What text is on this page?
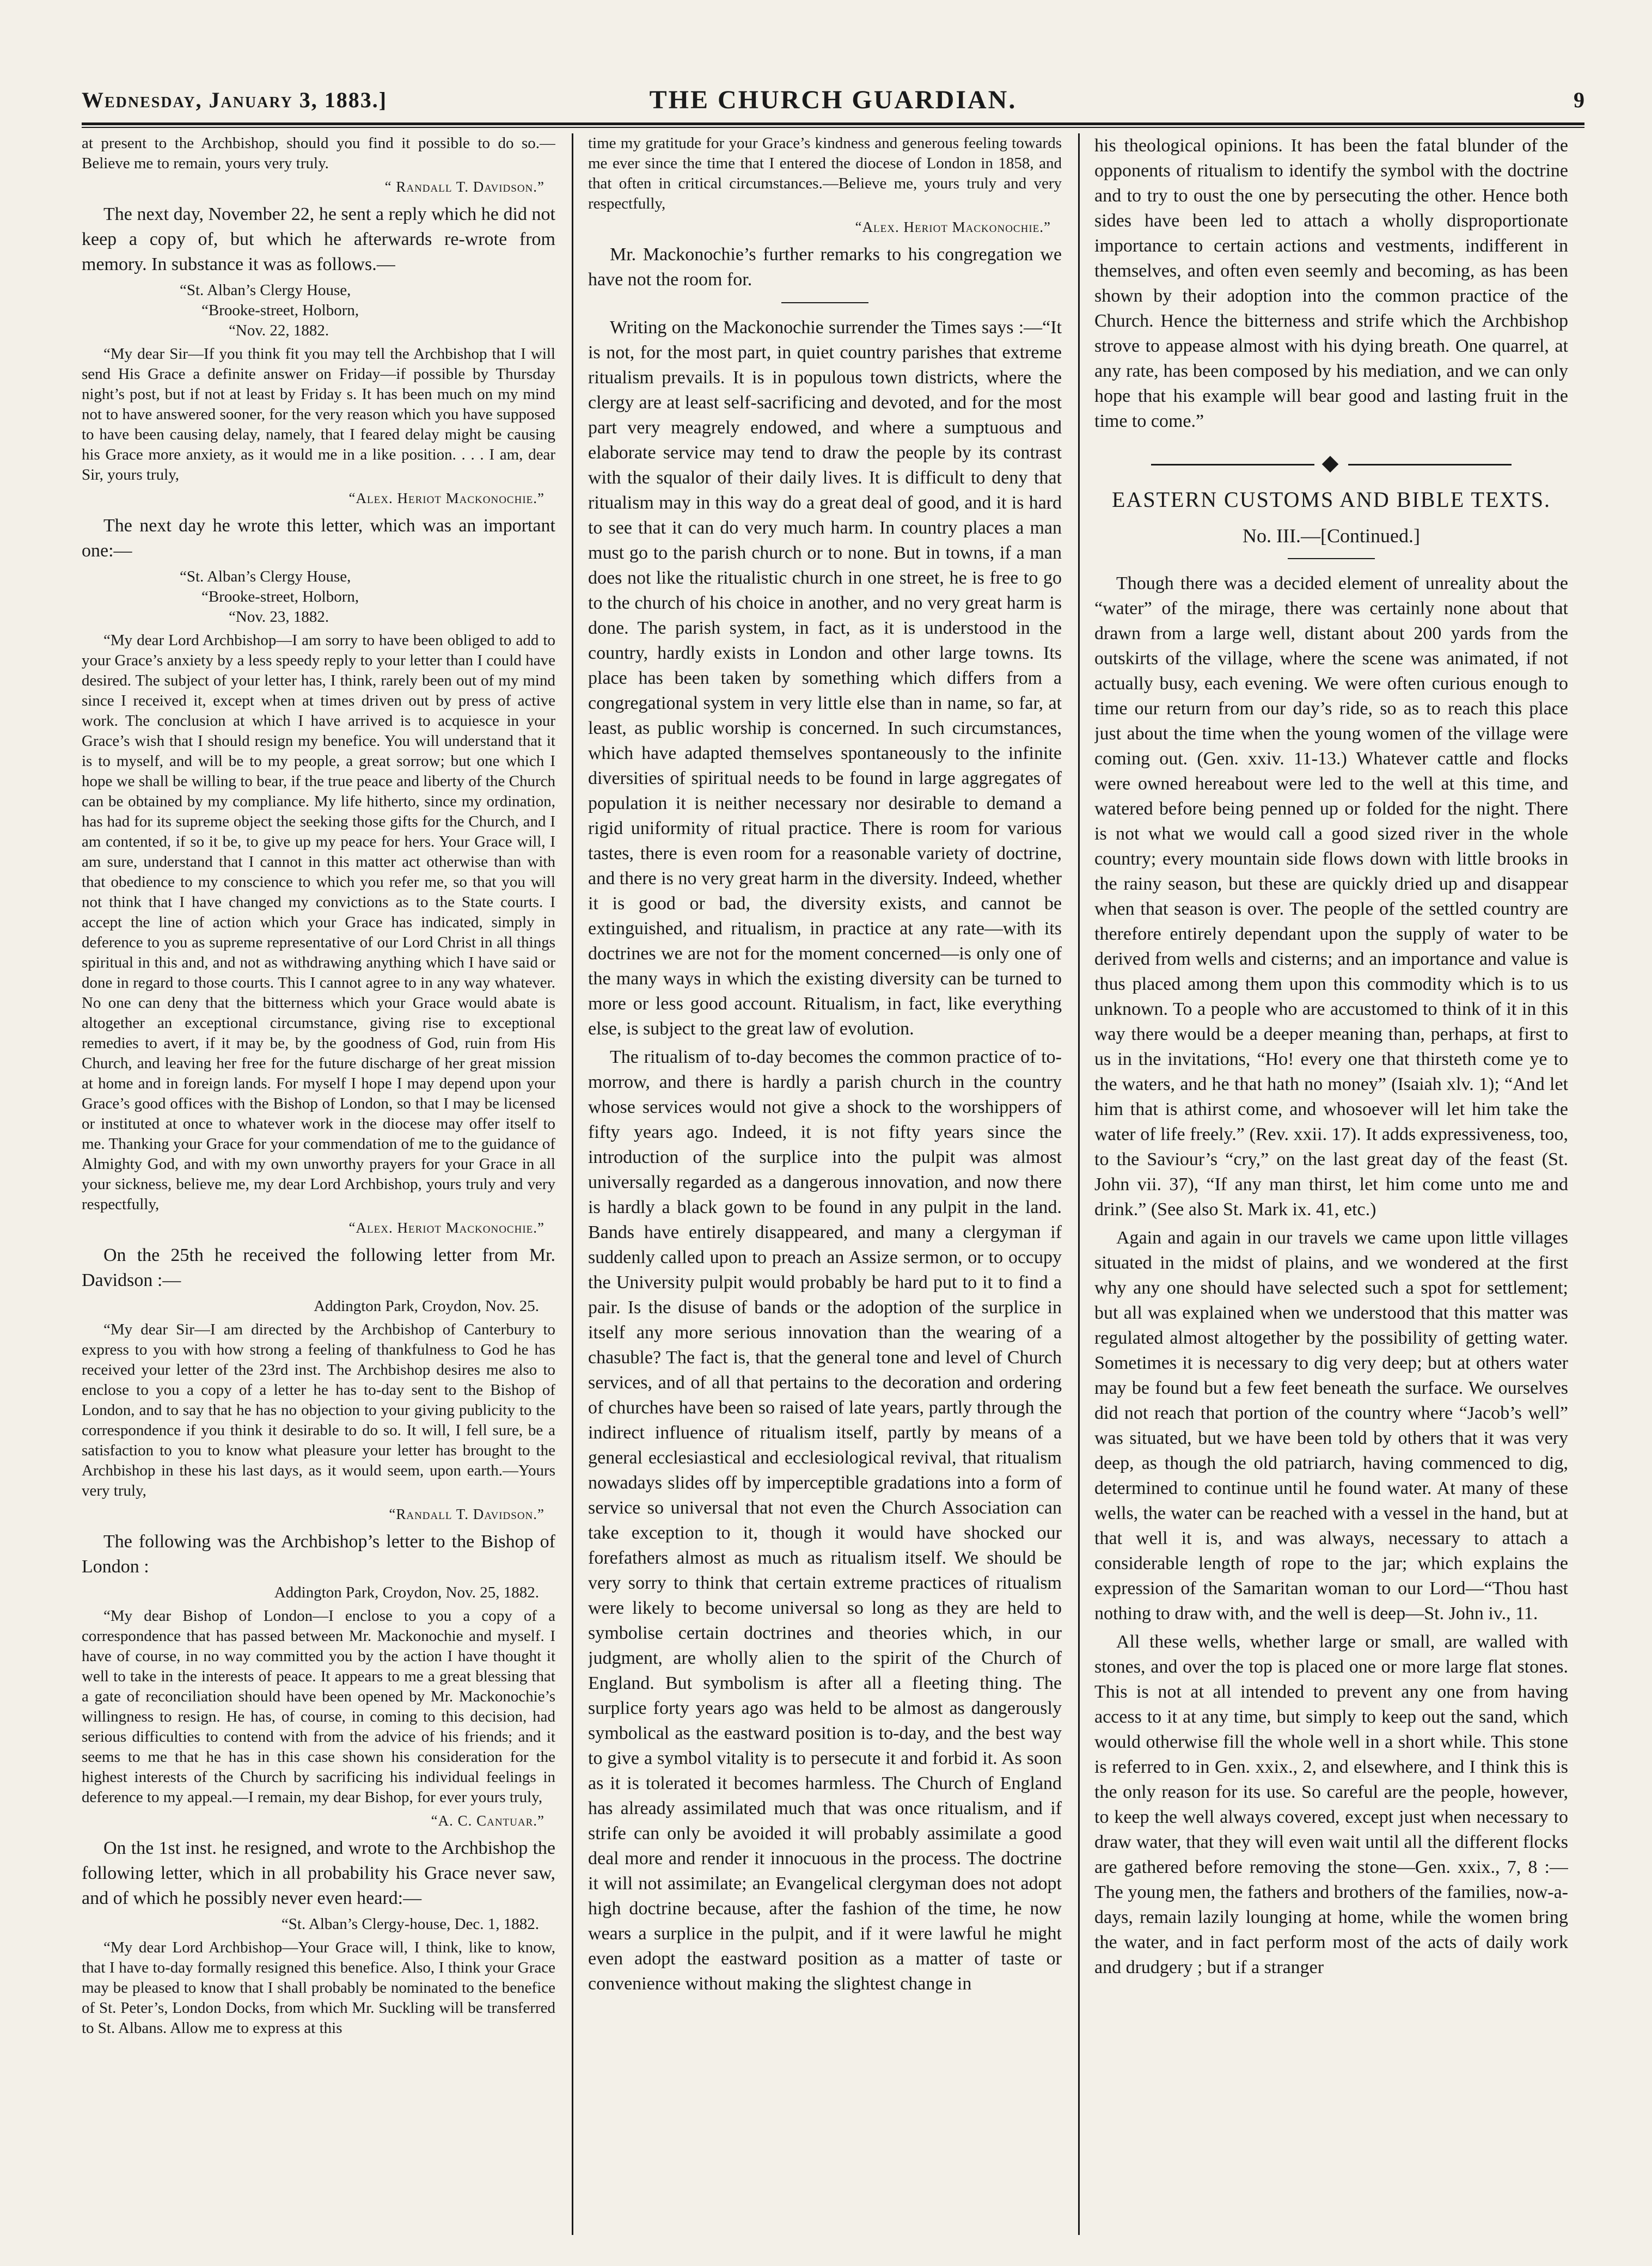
Wednesday, January 3, 1883.]	THE CHURCH GUARDIAN.	9

at present to the Archbishop, should you find it possible to do so.—Believe me to remain, yours very truly.

“ Randall T. Davidson.”

The next day, November 22, he sent a reply which he did not keep a copy of, but which he afterwards re-wrote from memory. In substance it was as follows.—

“St. Alban’s Clergy House,
“Brooke-street, Holborn,
“Nov. 22, 1882.

“My dear Sir—If you think fit you may tell the Archbishop that I will send His Grace a definite answer on Friday—if possible by Thursday night’s post, but if not at least by Friday s. It has been much on my mind not to have answered sooner, for the very reason which you have supposed to have been causing delay, namely, that I feared delay might be causing his Grace more anxiety, as it would me in a like position. . . . I am, dear Sir, yours truly,

“Alex. Heriot Mackonochie.”

The next day he wrote this letter, which was an important one:—

“St. Alban’s Clergy House,
“Brooke-street, Holborn,
“Nov. 23, 1882.

“My dear Lord Archbishop—I am sorry to have been obliged to add to your Grace’s anxiety by a less speedy reply to your letter than I could have desired. The subject of your letter has, I think, rarely been out of my mind since I received it, except when at times driven out by press of active work. The conclusion at which I have arrived is to acquiesce in your Grace’s wish that I should resign my benefice. You will understand that it is to myself, and will be to my people, a great sorrow; but one which I hope we shall be willing to bear, if the true peace and liberty of the Church can be obtained by my compliance. My life hitherto, since my ordination, has had for its supreme object the seeking those gifts for the Church, and I am contented, if so it be, to give up my peace for hers. Your Grace will, I am sure, understand that I cannot in this matter act otherwise than with that obedience to my conscience to which you refer me, so that you will not think that I have changed my convictions as to the State courts. I accept the line of action which your Grace has indicated, simply in deference to you as supreme representative of our Lord Christ in all things spiritual in this and, and not as withdrawing anything which I have said or done in regard to those courts. This I cannot agree to in any way whatever. No one can deny that the bitterness which your Grace would abate is altogether an exceptional circumstance, giving rise to exceptional remedies to avert, if it may be, by the goodness of God, ruin from His Church, and leaving her free for the future discharge of her great mission at home and in foreign lands. For myself I hope I may depend upon your Grace’s good offices with the Bishop of London, so that I may be licensed or instituted at once to whatever work in the diocese may offer itself to me. Thanking your Grace for your commendation of me to the guidance of Almighty God, and with my own unworthy prayers for your Grace in all your sickness, believe me, my dear Lord Archbishop, yours truly and very respectfully,

“Alex. Heriot Mackonochie.”

On the 25th he received the following letter from Mr. Davidson :—

Addington Park, Croydon, Nov. 25.

“My dear Sir—I am directed by the Archbishop of Canterbury to express to you with how strong a feeling of thankfulness to God he has received your letter of the 23rd inst. The Archbishop desires me also to enclose to you a copy of a letter he has to-day sent to the Bishop of London, and to say that he has no objection to your giving publicity to the correspondence if you think it desirable to do so. It will, I fell sure, be a satisfaction to you to know what pleasure your letter has brought to the Archbishop in these his last days, as it would seem, upon earth.—Yours very truly,

“Randall T. Davidson.”

The following was the Archbishop’s letter to the Bishop of London :

Addington Park, Croydon, Nov. 25, 1882.

“My dear Bishop of London—I enclose to you a copy of a correspondence that has passed between Mr. Mackonochie and myself. I have of course, in no way committed you by the action I have thought it well to take in the interests of peace. It appears to me a great blessing that a gate of reconciliation should have been opened by Mr. Mackonochie’s willingness to resign. He has, of course, in coming to this decision, had serious difficulties to contend with from the advice of his friends; and it seems to me that he has in this case shown his consideration for the highest interests of the Church by sacrificing his individual feelings in deference to my appeal.—I remain, my dear Bishop, for ever yours truly,

“A. C. Cantuar.”

On the 1st inst. he resigned, and wrote to the Archbishop the following letter, which in all probability his Grace never saw, and of which he possibly never even heard:—

“St. Alban’s Clergy-house, Dec. 1, 1882.

“My dear Lord Archbishop—Your Grace will, I think, like to know, that I have to-day formally resigned this benefice. Also, I think your Grace may be pleased to know that I shall probably be nominated to the benefice of St. Peter’s, London Docks, from which Mr. Suckling will be transferred to St. Albans. Allow me to express at this

time my gratitude for your Grace’s kindness and generous feeling towards me ever since the time that I entered the diocese of London in 1858, and that often in critical circumstances.—Believe me, yours truly and very respectfully,

“Alex. Heriot Mackonochie.”

Mr. Mackonochie’s further remarks to his congregation we have not the room for.

Writing on the Mackonochie surrender the Times says :—“It is not, for the most part, in quiet country parishes that extreme ritualism prevails. It is in populous town districts, where the clergy are at least self-sacrificing and devoted, and for the most part very meagrely endowed, and where a sumptuous and elaborate service may tend to draw the people by its contrast with the squalor of their daily lives. It is difficult to deny that ritualism may in this way do a great deal of good, and it is hard to see that it can do very much harm. In country places a man must go to the parish church or to none. But in towns, if a man does not like the ritualistic church in one street, he is free to go to the church of his choice in another, and no very great harm is done. The parish system, in fact, as it is understood in the country, hardly exists in London and other large towns. Its place has been taken by something which differs from a congregational system in very little else than in name, so far, at least, as public worship is concerned. In such circumstances, which have adapted themselves spontaneously to the infinite diversities of spiritual needs to be found in large aggregates of population it is neither necessary nor desirable to demand a rigid uniformity of ritual practice. There is room for various tastes, there is even room for a reasonable variety of doctrine, and there is no very great harm in the diversity. Indeed, whether it is good or bad, the diversity exists, and cannot be extinguished, and ritualism, in practice at any rate—with its doctrines we are not for the moment concerned—is only one of the many ways in which the existing diversity can be turned to more or less good account. Ritualism, in fact, like everything else, is subject to the great law of evolution.

The ritualism of to-day becomes the common practice of to-morrow, and there is hardly a parish church in the country whose services would not give a shock to the worshippers of fifty years ago. Indeed, it is not fifty years since the introduction of the surplice into the pulpit was almost universally regarded as a dangerous innovation, and now there is hardly a black gown to be found in any pulpit in the land. Bands have entirely disappeared, and many a clergyman if suddenly called upon to preach an Assize sermon, or to occupy the University pulpit would probably be hard put to it to find a pair. Is the disuse of bands or the adoption of the surplice in itself any more serious innovation than the wearing of a chasuble? The fact is, that the general tone and level of Church services, and of all that pertains to the decoration and ordering of churches have been so raised of late years, partly through the indirect influence of ritualism itself, partly by means of a general ecclesiastical and ecclesiological revival, that ritualism nowadays slides off by imperceptible gradations into a form of service so universal that not even the Church Association can take exception to it, though it would have shocked our forefathers almost as much as ritualism itself. We should be very sorry to think that certain extreme practices of ritualism were likely to become universal so long as they are held to symbolise certain doctrines and theories which, in our judgment, are wholly alien to the spirit of the Church of England. But symbolism is after all a fleeting thing. The surplice forty years ago was held to be almost as dangerously symbolical as the eastward position is to-day, and the best way to give a symbol vitality is to persecute it and forbid it. As soon as it is tolerated it becomes harmless. The Church of England has already assimilated much that was once ritualism, and if strife can only be avoided it will probably assimilate a good deal more and render it innocuous in the process. The doctrine it will not assimilate; an Evangelical clergyman does not adopt high doctrine because, after the fashion of the time, he now wears a surplice in the pulpit, and if it were lawful he might even adopt the eastward position as a matter of taste or convenience without making the slightest change in

his theological opinions. It has been the fatal blunder of the opponents of ritualism to identify the symbol with the doctrine and to try to oust the one by persecuting the other. Hence both sides have been led to attach a wholly disproportionate importance to certain actions and vestments, indifferent in themselves, and often even seemly and becoming, as has been shown by their adoption into the common practice of the Church. Hence the bitterness and strife which the Archbishop strove to appease almost with his dying breath. One quarrel, at any rate, has been composed by his mediation, and we can only hope that his example will bear good and lasting fruit in the time to come.”

◆
EASTERN CUSTOMS AND BIBLE TEXTS.
No. III.—[Continued.]

Though there was a decided element of unreality about the “water” of the mirage, there was certainly none about that drawn from a large well, distant about 200 yards from the outskirts of the village, where the scene was animated, if not actually busy, each evening. We were often curious enough to time our return from our day’s ride, so as to reach this place just about the time when the young women of the village were coming out. (Gen. xxiv. 11-13.) Whatever cattle and flocks were owned hereabout were led to the well at this time, and watered before being penned up or folded for the night. There is not what we would call a good sized river in the whole country; every mountain side flows down with little brooks in the rainy season, but these are quickly dried up and disappear when that season is over. The people of the settled country are therefore entirely dependant upon the supply of water to be derived from wells and cisterns; and an importance and value is thus placed among them upon this commodity which is to us unknown. To a people who are accustomed to think of it in this way there would be a deeper meaning than, perhaps, at first to us in the invitations, “Ho! every one that thirsteth come ye to the waters, and he that hath no money” (Isaiah xlv. 1); “And let him that is athirst come, and whosoever will let him take the water of life freely.” (Rev. xxii. 17). It adds expressiveness, too, to the Saviour’s “cry,” on the last great day of the feast (St. John vii. 37), “If any man thirst, let him come unto me and drink.” (See also St. Mark ix. 41, etc.)

Again and again in our travels we came upon little villages situated in the midst of plains, and we wondered at the first why any one should have selected such a spot for settlement; but all was explained when we understood that this matter was regulated almost altogether by the possibility of getting water. Sometimes it is necessary to dig very deep; but at others water may be found but a few feet beneath the surface. We ourselves did not reach that portion of the country where “Jacob’s well” was situated, but we have been told by others that it was very deep, as though the old patriarch, having commenced to dig, determined to continue until he found water. At many of these wells, the water can be reached with a vessel in the hand, but at that well it is, and was always, necessary to attach a considerable length of rope to the jar; which explains the expression of the Samaritan woman to our Lord—“Thou hast nothing to draw with, and the well is deep—St. John iv., 11.

All these wells, whether large or small, are walled with stones, and over the top is placed one or more large flat stones. This is not at all intended to prevent any one from having access to it at any time, but simply to keep out the sand, which would otherwise fill the whole well in a short while. This stone is referred to in Gen. xxix., 2, and elsewhere, and I think this is the only reason for its use. So careful are the people, however, to keep the well always covered, except just when necessary to draw water, that they will even wait until all the different flocks are gathered before removing the stone—Gen. xxix., 7, 8 :—The young men, the fathers and brothers of the families, now-a-days, remain lazily lounging at home, while the women bring the water, and in fact perform most of the acts of daily work and drudgery ; but if a stranger
